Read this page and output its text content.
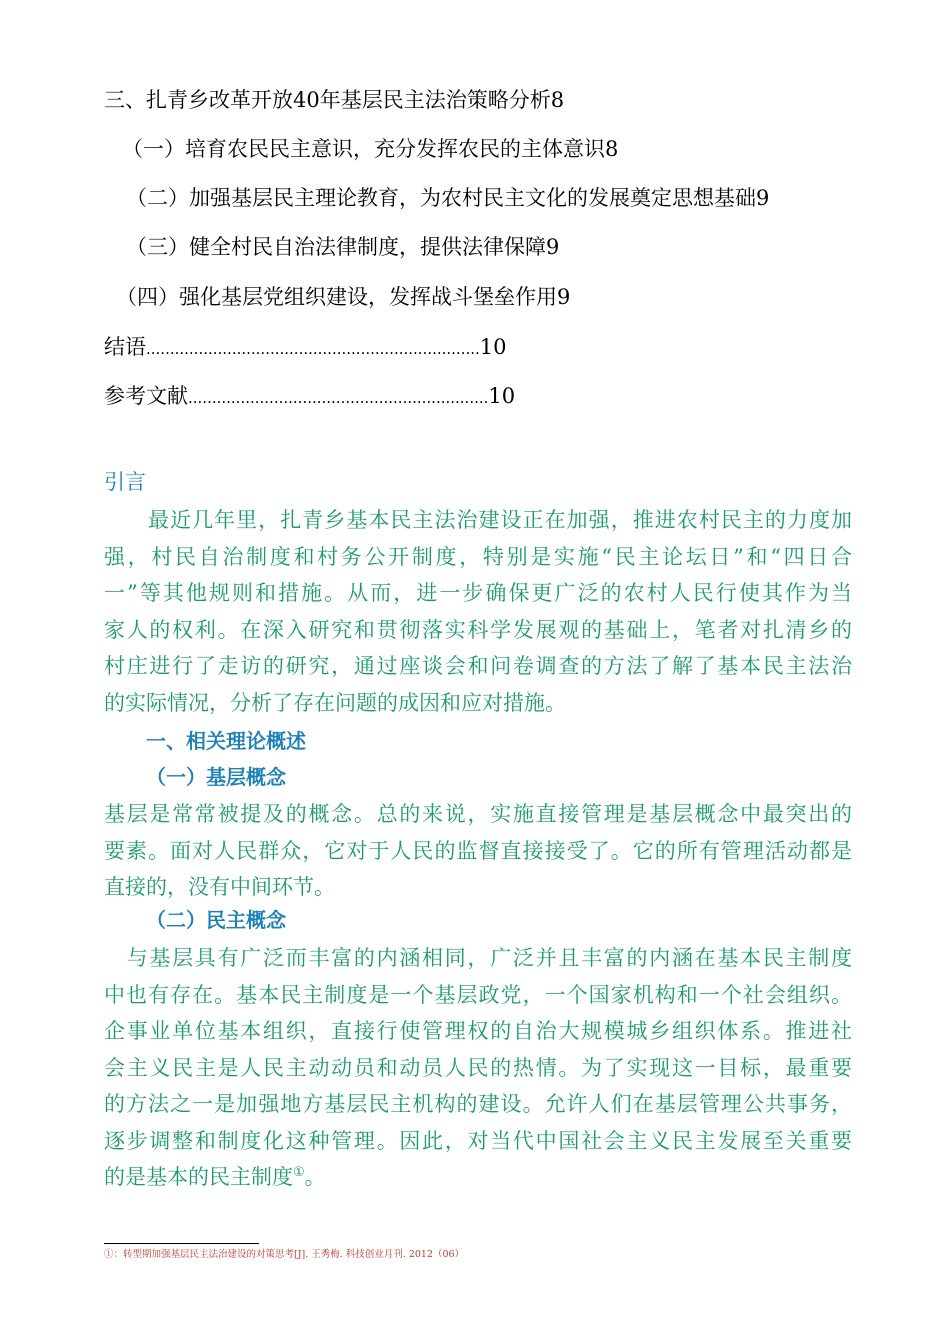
三、扎青乡改革开放40年基层民主法治策略分析8
（一）培育农民民主意识，充分发挥农民的主体意识8
（二）加强基层民主理论教育，为农村民主文化的发展奠定思想基础9
（三）健全村民自治法律制度，提供法律保障9
（四）强化基层党组织建设，发挥战斗堡垒作用9
结语......................................................................10
参考文献...............................................................10
引言
　　最近几年里，扎青乡基本民主法治建设正在加强，推进农村民主的力度加
强，村民自治制度和村务公开制度，特别是实施“民主论坛日”和“四日合
一”等其他规则和措施。从而，进一步确保更广泛的农村人民行使其作为当
家人的权利。在深入研究和贯彻落实科学发展观的基础上，笔者对扎清乡的
村庄进行了走访的研究，通过座谈会和问卷调查的方法了解了基本民主法治
的实际情况，分析了存在问题的成因和应对措施。
一、相关理论概述
（一）基层概念
基层是常常被提及的概念。总的来说，实施直接管理是基层概念中最突出的
要素。面对人民群众，它对于人民的监督直接接受了。它的所有管理活动都是
直接的，没有中间环节。
（二）民主概念
　与基层具有广泛而丰富的内涵相同，广泛并且丰富的内涵在基本民主制度
中也有存在。基本民主制度是一个基层政党，一个国家机构和一个社会组织。
企事业单位基本组织，直接行使管理权的自治大规模城乡组织体系。推进社
会主义民主是人民主动动员和动员人民的热情。为了实现这一目标，最重要
的方法之一是加强地方基层民主机构的建设。允许人们在基层管理公共事务，
逐步调整和制度化这种管理。因此，对当代中国社会主义民主发展至关重要
的是基本的民主制度①。
①：转型期加强基层民主法治建设的对策思考[J]. 王秀梅. 科技创业月刊. 2012（06）
